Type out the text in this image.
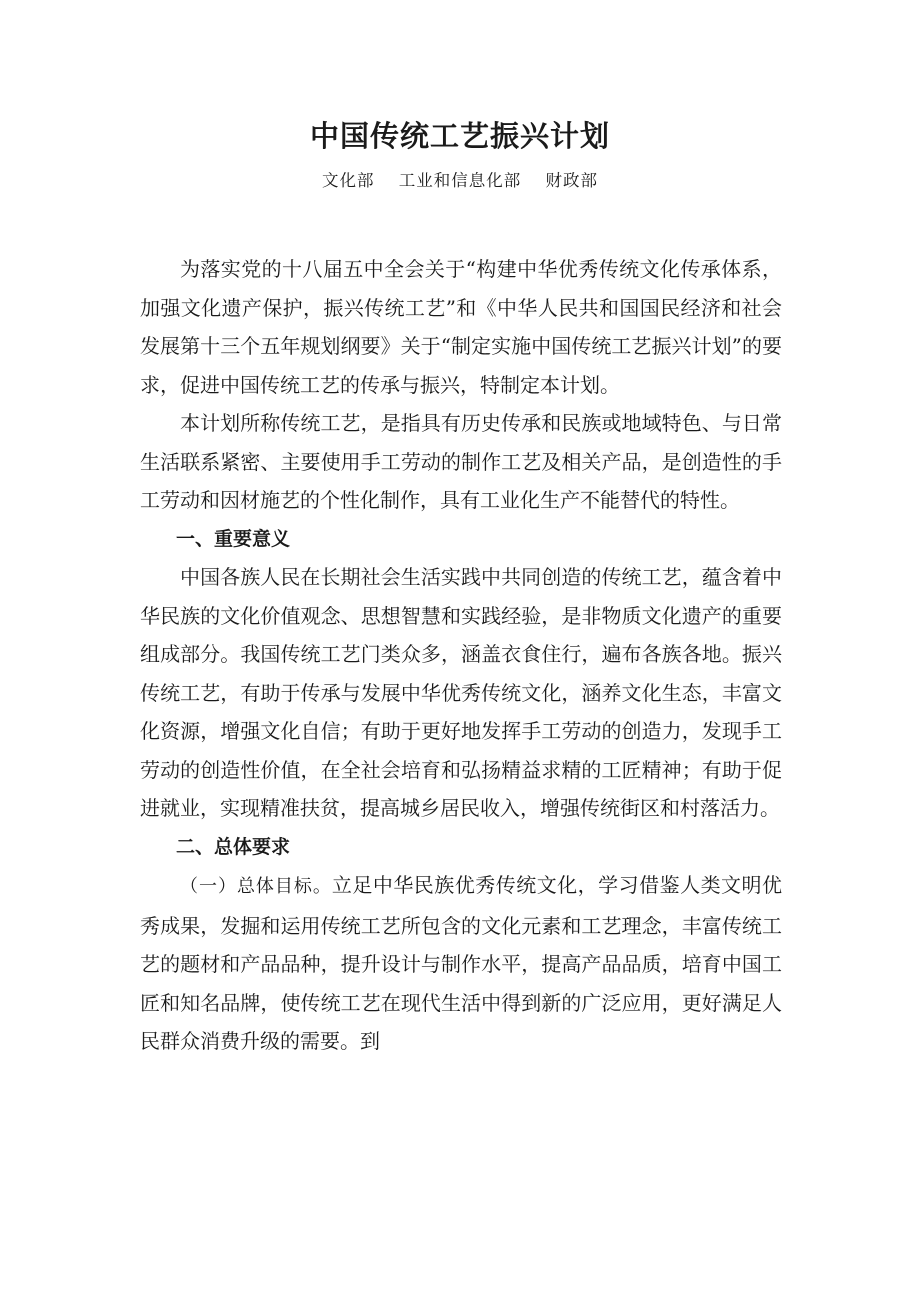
中国传统工艺振兴计划
文化部 工业和信息化部 财政部

为落实党的十八届五中全会关于“构建中华优秀传统文化传承体系，加强文化遗产保护，振兴传统工艺”和《中华人民共和国国民经济和社会发展第十三个五年规划纲要》关于“制定实施中国传统工艺振兴计划”的要求，促进中国传统工艺的传承与振兴，特制定本计划。

本计划所称传统工艺，是指具有历史传承和民族或地域特色、与日常生活联系紧密、主要使用手工劳动的制作工艺及相关产品，是创造性的手工劳动和因材施艺的个性化制作，具有工业化生产不能替代的特性。

一、重要意义

中国各族人民在长期社会生活实践中共同创造的传统工艺，蕴含着中华民族的文化价值观念、思想智慧和实践经验，是非物质文化遗产的重要组成部分。我国传统工艺门类众多，涵盖衣食住行，遍布各族各地。振兴传统工艺，有助于传承与发展中华优秀传统文化，涵养文化生态，丰富文化资源，增强文化自信；有助于更好地发挥手工劳动的创造力，发现手工劳动的创造性价值，在全社会培育和弘扬精益求精的工匠精神；有助于促进就业，实现精准扶贫，提高城乡居民收入，增强传统街区和村落活力。

二、总体要求

（一）总体目标。立足中华民族优秀传统文化，学习借鉴人类文明优秀成果，发掘和运用传统工艺所包含的文化元素和工艺理念，丰富传统工艺的题材和产品品种，提升设计与制作水平，提高产品品质，培育中国工匠和知名品牌，使传统工艺在现代生活中得到新的广泛应用，更好满足人民群众消费升级的需要。到
